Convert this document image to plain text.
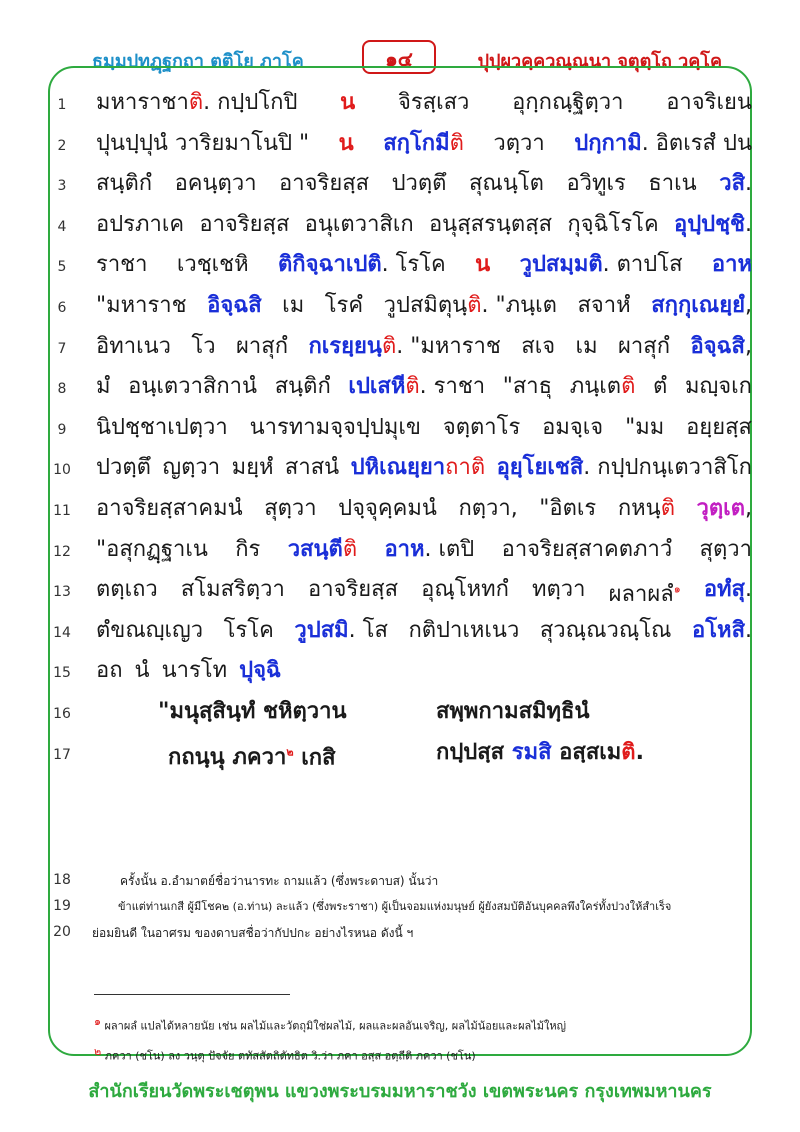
ธมฺมปทฏฺฐกถา ตติโย ภาโค	๑๔	ปุปฺผวคฺควณฺณนา จตุตฺโถ วคฺโค
1	มหาราชาติ. กปฺปโกปิ น จิรสฺเสว อุกฺกณฺฐิตฺวา อาจริเยน
2	ปุนปฺปุนํ วาริยมาโนปิ " น สกฺโกมีติ วตฺวา ปกฺกามิ. อิตเรสํ ปน
3	สนฺติกํ อคนฺตฺวา อาจริยสฺส ปวตฺตึ สุณนฺโต อวิทูเร ธาเน วสิ.
4	อปรภาเค อาจริยสฺส อนุเตวาสิเก อนุสฺสรนฺตสฺส กุจฺฉิโรโค อุปฺปชฺชิ.
5	ราชา เวชฺเชหิ ติกิจฺฉาเปติ. โรโค น วูปสมฺมติ. ตาปโส อาห
6	"มหาราช อิจฺฉสิ เม โรคํ วูปสมิตุนฺติ. "ภนฺเต สจาหํ สกฺกุเณยฺยํ,
7	อิทาเนว โว ผาสุกํ กเรยฺยนฺติ. "มหาราช สเจ เม ผาสุกํ อิจฺฉสิ,
8	มํ อนฺเตวาสิกานํ สนฺติกํ เปเสหีติ. ราชา "สาธุ ภนฺเตติ ตํ มญฺจเก
9	นิปชฺชาเปตฺวา นารทามจฺจปฺปมุเข จตฺตาโร อมจฺเจ "มม อยฺยสฺส
10 ปวตฺตึ ญตฺวา มยฺหํ สาสนํ ปหิเณยฺยาถาติ อุยฺโยเชสิ. กปฺปกนฺเตวาสิโก
11 อาจริยสฺสาคมนํ สุตฺวา ปจฺจุคฺคมนํ กตฺวา, "อิตเร กหนฺติ วุตฺเต,
12 "อสุกฏฺฐาเน กิร วสนฺตีติ อาห. เตปิ อาจริยสฺสาคตภาวํ สุตฺวา
13 ตตฺเถว สโมสริตฺวา อาจริยสฺส อุณฺโหทกํ ทตฺวา ผลาผลํ$^๑$ อทํสุ.
14 ตํขณญฺเญว โรโค วูปสมิ. โส กติปาเหเนว สุวณฺณวณฺโณ อโหสิ.
15 อถ นํ นารโท ปุจฺฉิ
16	"มนุสฺสินฺทํ ชหิตฺวาน	สพฺพกามสมิทฺธินํ
17	กถนฺนุ ภควา$^๒$ เกสิ	กปฺปสฺส รมสิ อสฺสเมติ.
18	ครั้งนั้น อ.อำมาตย์ชื่อว่านารทะ ถามแล้ว (ซึ่งพระดาบส) นั้นว่า
19	ข้าแต่ท่านเกสี ผู้มีโชค๒ (อ.ท่าน) ละแล้ว (ซึ่งพระราชา) ผู้เป็นจอมแห่งมนุษย์ ผู้ยังสมบัติอันบุคคลพึงใคร่ทั้งปวงให้สำเร็จ
20 ย่อมยินดี ในอาศรม ของดาบสชื่อว่ากัปปกะ อย่างไรหนอ ดังนี้ ฯ
$^๑$ ผลาผลํ แปลได้หลายนัย เช่น ผลไม้และวัตถุมิใช่ผลไม้, ผลและผลอันเจริญ, ผลไม้น้อยและผลไม้ใหญ่
$^๒$ ภควา (ชโน) ลง วนฺตุ ปัจจัย ตทัสสัตถิตัทธิต วิ.ว่า ภคา อสฺส อตฺถีติ ภควา (ชโน)
สำนักเรียนวัดพระเชตุพน แขวงพระบรมมหาราชวัง เขตพระนคร กรุงเทพมหานคร
